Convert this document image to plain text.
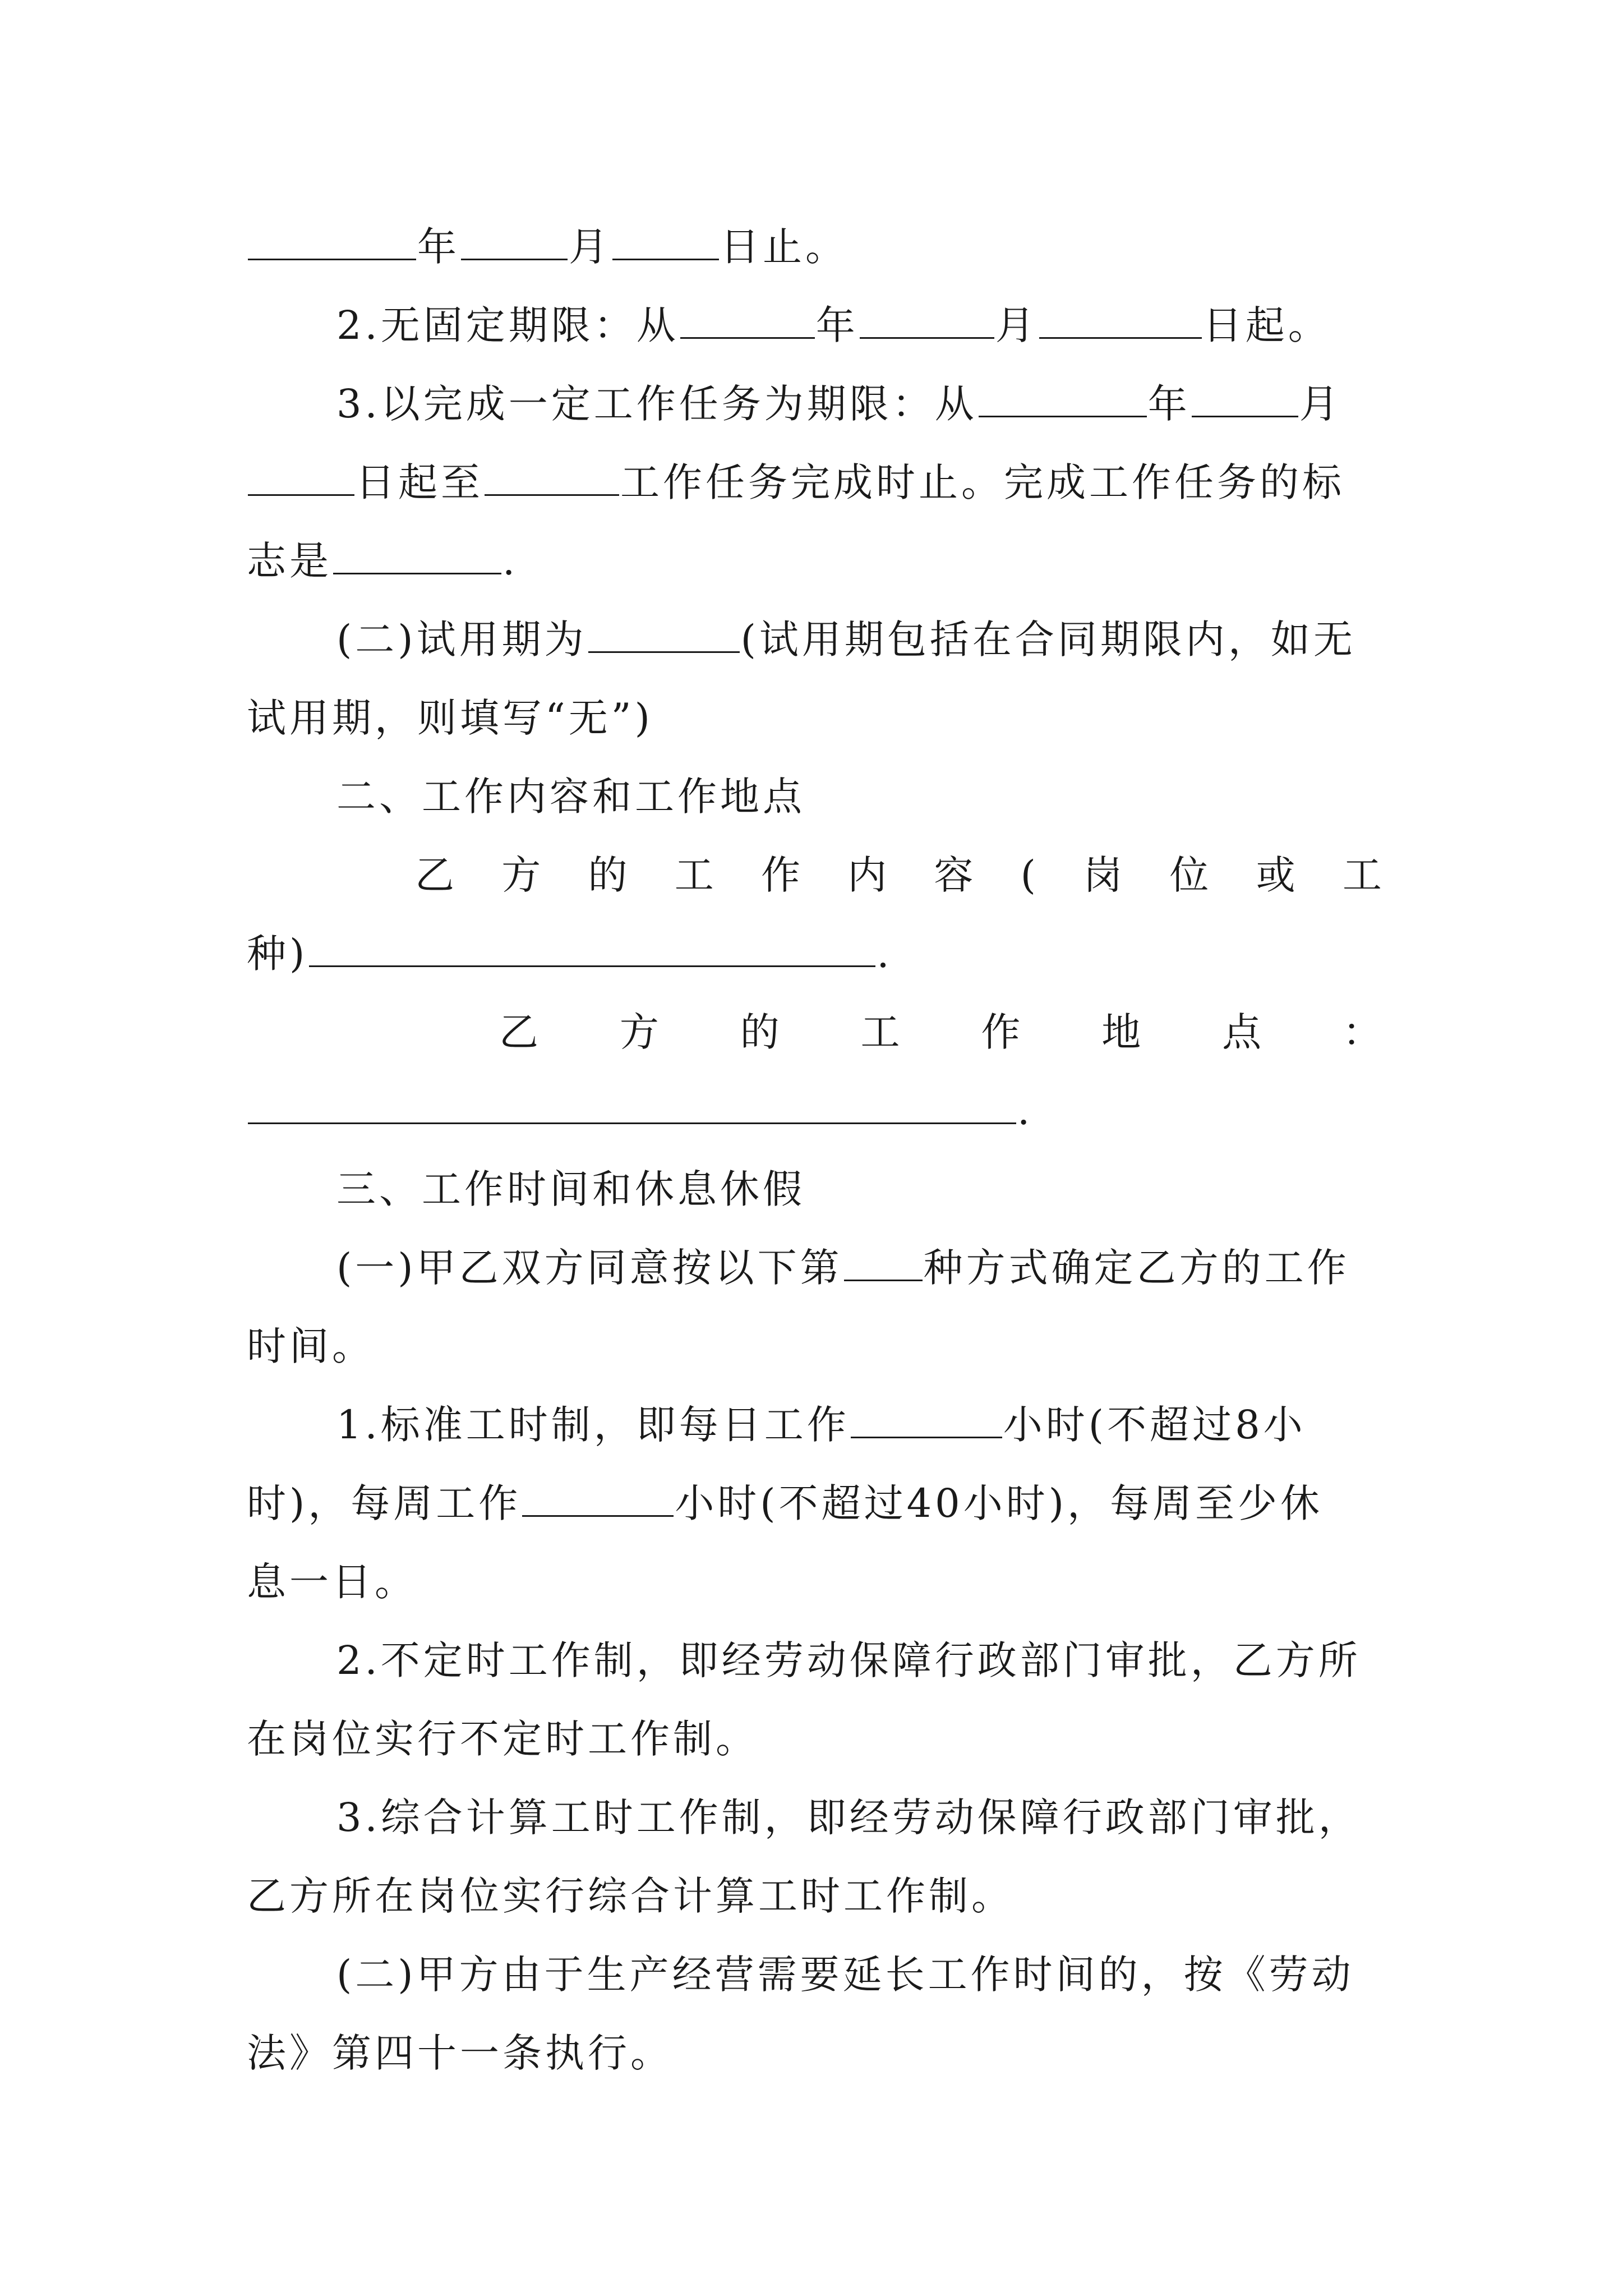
年	月	日止。
2.无固定期限：从	年	月	日起。
3.以完成一定工作任务为期限：从	年	月
日起至	工作任务完成时止。完成工作任务的标
志是	.
(二)试用期为	(试用期包括在合同期限内，如无
试用期，则填写“无”)
二、工作内容和工作地点
乙 方 的 工 作 内 容 ( 岗 位 或 工
种)	.
乙 方 的 工 作 地 点 ：
.
三、工作时间和休息休假
(一)甲乙双方同意按以下第 种方式确定乙方的工作
时间。
1.标准工时制，即每日工作	小时(不超过8小
时)，每周工作	小时(不超过40小时)，每周至少休
息一日。
2.不定时工作制，即经劳动保障行政部门审批，乙方所
在岗位实行不定时工作制。
3.综合计算工时工作制，即经劳动保障行政部门审批，
乙方所在岗位实行综合计算工时工作制。
(二)甲方由于生产经营需要延长工作时间的，按《劳动
法》第四十一条执行。
